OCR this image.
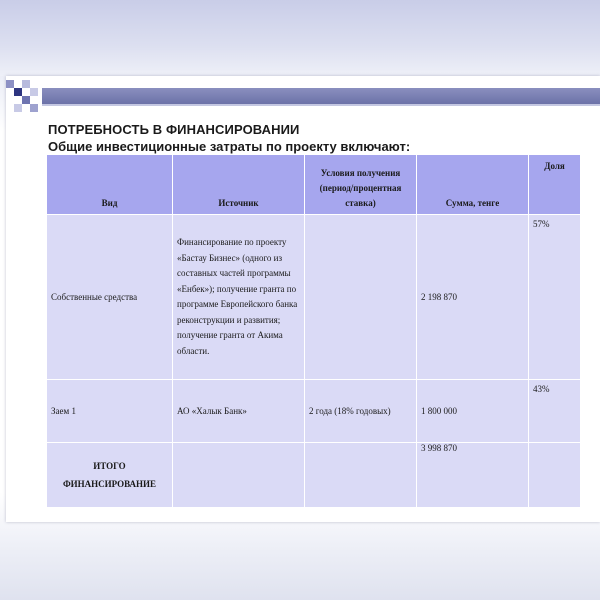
ПОТРЕБНОСТЬ В ФИНАНСИРОВАНИИ
Общие инвестиционные затраты по проекту включают:
Вид	Источник	Условия получения (период/процентная ставка)	Сумма, тенге	Доля
Собственные средства	Финансирование по проекту «Бастау Бизнес» (одного из составных частей программы «Енбек»); получение гранта по программе Европейского банка реконструкции и развития; получение гранта от Акима области.		2 198 870	57%
Заем 1	АО «Халык Банк»	2 года (18% годовых)	1 800 000	43%
ИТОГО ФИНАНСИРОВАНИЕ			3 998 870	
